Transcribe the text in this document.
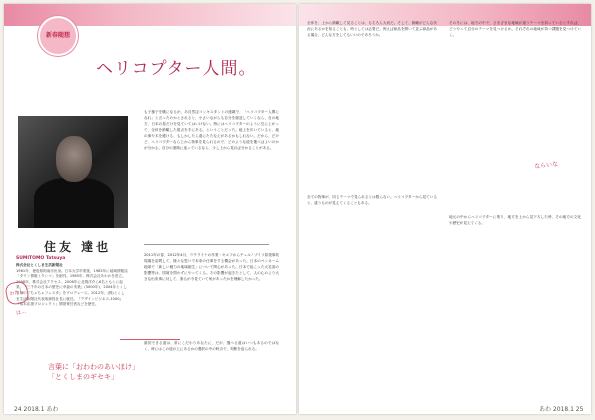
新春随想
ヘリコプター人間。
住友 達也
SUMITOMO Tatsuya
株式会社とくしま生活新聞社
1961年、徳島県阿南市出身。日本大学卒業後、1983年に地域情報誌「タウン情報トクシマ」を創刊。1985年、株式会社あわわを設立。1998年、株式会社アクセス、2006年に北岡洋介ら6名ともとに起業。『三千年の日本の歴史に幸福の実業』(3000年)、2004年とくしま県の『ちゃちゃフェスタ』をプロデュース。2012年、(株)とくしま生活新聞社代表取締役社長に就任。『デザインビジネス-1000』『熊本応援プロジェクト』開発責任者などを歴任。
わたしは…
も子様子を眺になるが、あ自然ぼコンキスタントの連載で、「ヘリコプター人間になれ」と言ったのかとされると、小さいながらも自分を創造していくなら、自の地方、日本の星だけを見ていてはいけない。特にはヘリコプターのように空に上がって、全体を俯瞰した視点を手にある。ということだった。地上を歩いていると、地の事や木を避ける、もしかしたら道にたたなえがあるかもしれない。だから、だけど、ヘリコプターなら上から物事を見られるので、どのような道を選べばよいのかが分かる。自分の進路に迷っているなら、少し上から見れば分かることがある。
2011年の春、2012年4月、ウクライナの作業・キエフからチェルノブイリ原発事故現場を訪問して、様々な思いで本来の仕事をする機会があった。日本のペンネーム地球で「新しい魅力の地域創生」について関心があった。日本で起こった大災害の影響等は、国境を問わずにやってくる。その影響が起きたとして、人の心のより大きな出来事に対して、誰もが今見ていて何があったかを理解したかった。
最初できる道は、常にこだわりあなたに、だが、選べる道はいつもあるのではなく、時にはこの道の上にあるかの選択の中の時点で、判断を迫られる。
言葉に「おわわのあいほけ」
「とくしまのギセキ」
24 2018.1 あわ
全体を、上から俯瞰して見ることは、もちろん大切だ。そして、俯瞰がどんな状況にあるかを知ることも、時としては必要だ。例えば商品を開いて並ぶ商品がある場合、どんな方をしてもいいのであろうか。
全ての物事が、同じテーマで見られるとは限らない。ヘリコプターから見ていると、違うものが見えてくることもある。
その冬には、地方の中で、さまざまな地域が違うテーマを持っているとすれば、どうやって自分のテーマを見つけるか。それぞれの地域が持つ課題を見つけていく。
地元の中からヘリコプターに乗り、地方を上から見下ろした時、その地方の文化や歴史が見えてくる。
あわ 2018.1 25
ならいな
